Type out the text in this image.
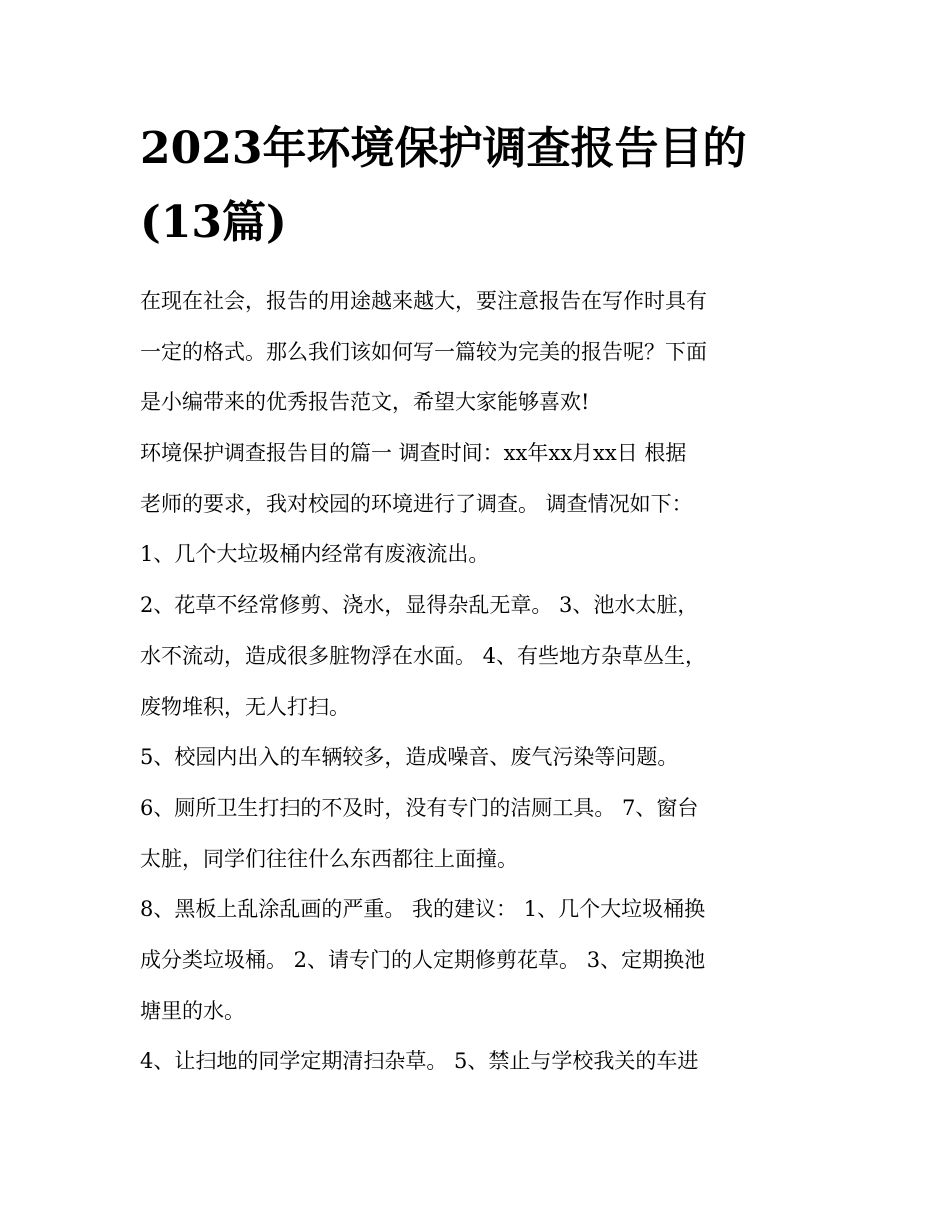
2023年环境保护调查报告目的
(13篇)
在现在社会，报告的用途越来越大，要注意报告在写作时具有
一定的格式。那么我们该如何写一篇较为完美的报告呢？下面
是小编带来的优秀报告范文，希望大家能够喜欢!
环境保护调查报告目的篇一 调查时间：xx年xx月xx日 根据
老师的要求，我对校园的环境进行了调查。 调查情况如下：
1、几个大垃圾桶内经常有废液流出。
2、花草不经常修剪、浇水，显得杂乱无章。 3、池水太脏，
水不流动，造成很多脏物浮在水面。 4、有些地方杂草丛生，
废物堆积，无人打扫。
5、校园内出入的车辆较多，造成噪音、废气污染等问题。
6、厕所卫生打扫的不及时，没有专门的洁厕工具。 7、窗台
太脏，同学们往往什么东西都往上面撞。
8、黑板上乱涂乱画的严重。 我的建议： 1、几个大垃圾桶换
成分类垃圾桶。 2、请专门的人定期修剪花草。 3、定期换池
塘里的水。
4、让扫地的同学定期清扫杂草。 5、禁止与学校我关的车进
